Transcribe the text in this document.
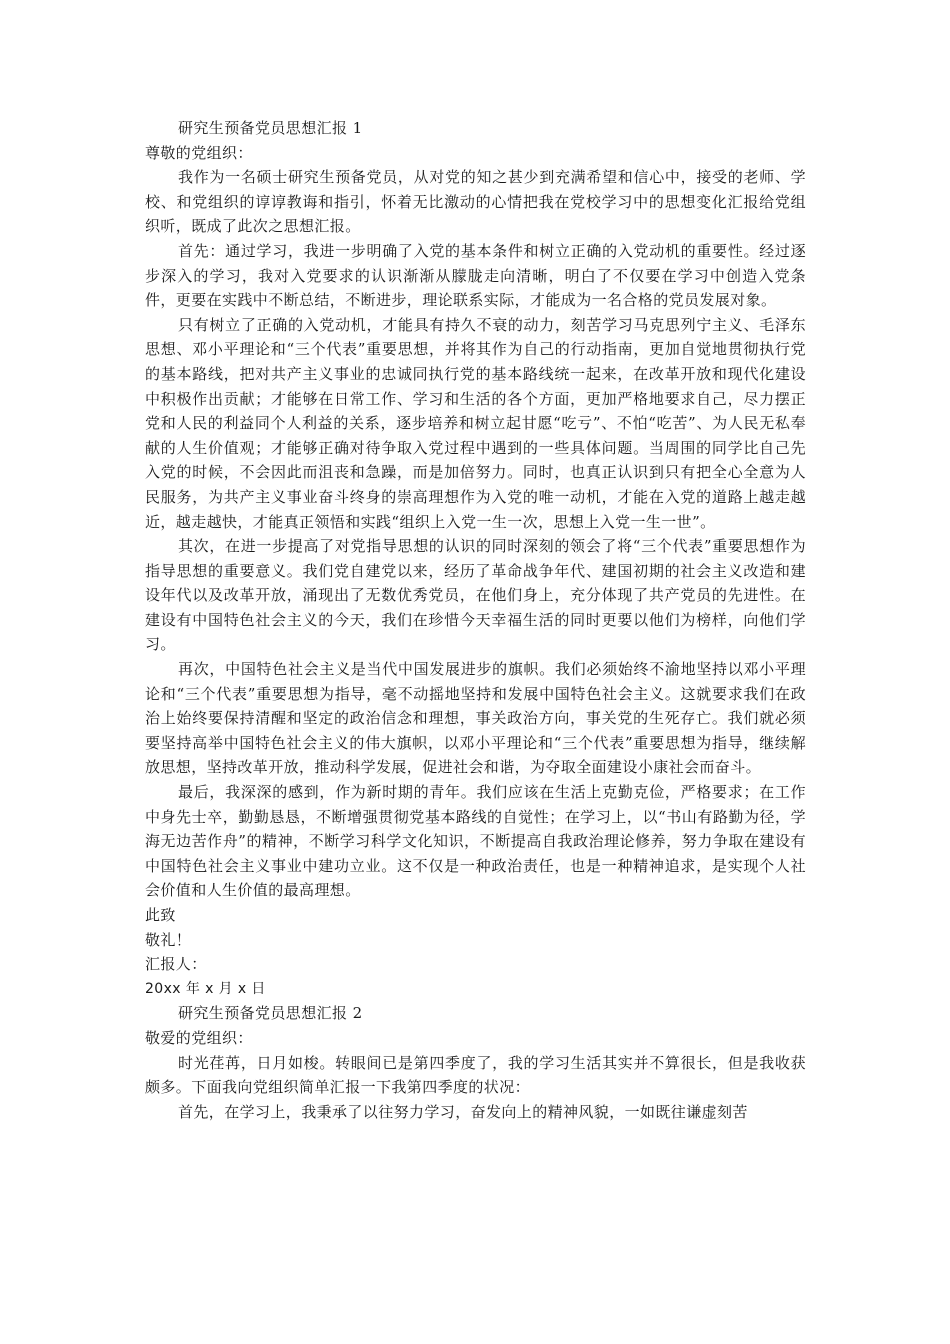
研究生预备党员思想汇报 1

尊敬的党组织：

我作为一名硕士研究生预备党员，从对党的知之甚少到充满希望和信心中，接受的老师、学校、和党组织的谆谆教诲和指引，怀着无比激动的心情把我在党校学习中的思想变化汇报给党组织听，既成了此次之思想汇报。

首先：通过学习，我进一步明确了入党的基本条件和树立正确的入党动机的重要性。经过逐步深入的学习，我对入党要求的认识渐渐从朦胧走向清晰，明白了不仅要在学习中创造入党条件，更要在实践中不断总结，不断进步，理论联系实际，才能成为一名合格的党员发展对象。

只有树立了正确的入党动机，才能具有持久不衰的动力，刻苦学习马克思列宁主义、毛泽东思想、邓小平理论和“三个代表”重要思想，并将其作为自己的行动指南，更加自觉地贯彻执行党的基本路线，把对共产主义事业的忠诚同执行党的基本路线统一起来，在改革开放和现代化建设中积极作出贡献；才能够在日常工作、学习和生活的各个方面，更加严格地要求自己，尽力摆正党和人民的利益同个人利益的关系，逐步培养和树立起甘愿“吃亏”、不怕“吃苦”、为人民无私奉献的人生价值观；才能够正确对待争取入党过程中遇到的一些具体问题。当周围的同学比自己先入党的时候，不会因此而沮丧和急躁，而是加倍努力。同时，也真正认识到只有把全心全意为人民服务，为共产主义事业奋斗终身的崇高理想作为入党的唯一动机，才能在入党的道路上越走越近，越走越快，才能真正领悟和实践“组织上入党一生一次，思想上入党一生一世”。

其次，在进一步提高了对党指导思想的认识的同时深刻的领会了将“三个代表”重要思想作为指导思想的重要意义。我们党自建党以来，经历了革命战争年代、建国初期的社会主义改造和建设年代以及改革开放，涌现出了无数优秀党员，在他们身上，充分体现了共产党员的先进性。在建设有中国特色社会主义的今天，我们在珍惜今天幸福生活的同时更要以他们为榜样，向他们学习。

再次，中国特色社会主义是当代中国发展进步的旗帜。我们必须始终不渝地坚持以邓小平理论和“三个代表”重要思想为指导，毫不动摇地坚持和发展中国特色社会主义。这就要求我们在政治上始终要保持清醒和坚定的政治信念和理想，事关政治方向，事关党的生死存亡。我们就必须要坚持高举中国特色社会主义的伟大旗帜，以邓小平理论和“三个代表”重要思想为指导，继续解放思想，坚持改革开放，推动科学发展，促进社会和谐，为夺取全面建设小康社会而奋斗。

最后，我深深的感到，作为新时期的青年。我们应该在生活上克勤克俭，严格要求；在工作中身先士卒，勤勤恳恳，不断增强贯彻党基本路线的自觉性；在学习上，以“书山有路勤为径，学海无边苦作舟”的精神，不断学习科学文化知识，不断提高自我政治理论修养，努力争取在建设有中国特色社会主义事业中建功立业。这不仅是一种政治责任，也是一种精神追求，是实现个人社会价值和人生价值的最高理想。

此致

敬礼！

汇报人：

20xx 年 x 月 x 日

研究生预备党员思想汇报 2

敬爱的党组织：

时光荏苒，日月如梭。转眼间已是第四季度了，我的学习生活其实并不算很长，但是我收获颇多。下面我向党组织简单汇报一下我第四季度的状况：

首先，在学习上，我秉承了以往努力学习，奋发向上的精神风貌，一如既往谦虚刻苦
